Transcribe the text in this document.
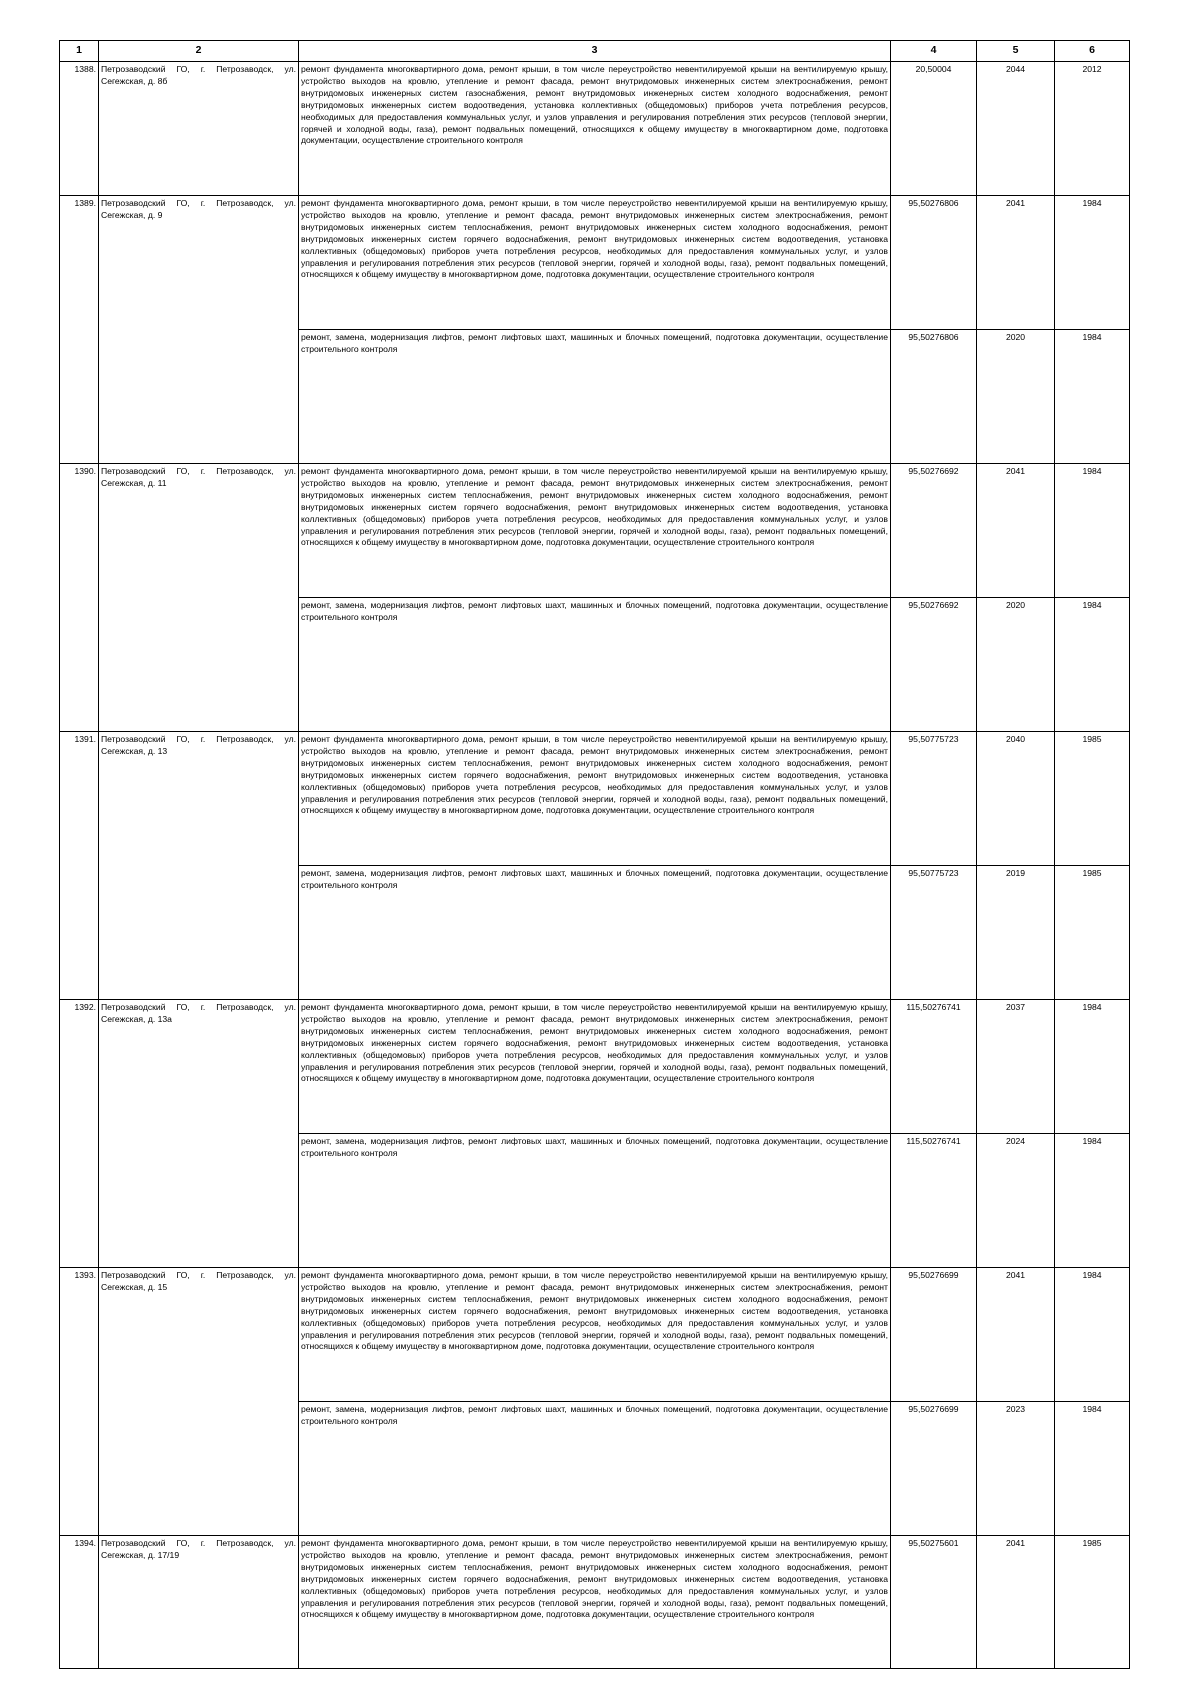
1	2	3	4	5	6
1388.	Петрозаводский ГО, г. Петрозаводск, ул. Сегежская, д. 8б	ремонт фундамента многоквартирного дома, ремонт крыши, в том числе переустройство невентилируемой крыши на вентилируемую крышу, устройство выходов на кровлю, утепление и ремонт фасада, ремонт внутридомовых инженерных систем электроснабжения, ремонт внутридомовых инженерных систем газоснабжения, ремонт внутридомовых инженерных систем холодного водоснабжения, ремонт внутридомовых инженерных систем водоотведения, установка коллективных (общедомовых) приборов учета потребления ресурсов, необходимых для предоставления коммунальных услуг, и узлов управления и регулирования потребления этих ресурсов (тепловой энергии, горячей и холодной воды, газа), ремонт подвальных помещений, относящихся к общему имуществу в многоквартирном доме, подготовка документации, осуществление строительного контроля	20,50004	2044	2012
1389.	Петрозаводский ГО, г. Петрозаводск, ул. Сегежская, д. 9	ремонт фундамента многоквартирного дома, ремонт крыши, в том числе переустройство невентилируемой крыши на вентилируемую крышу, устройство выходов на кровлю, утепление и ремонт фасада, ремонт внутридомовых инженерных систем электроснабжения, ремонт внутридомовых инженерных систем теплоснабжения, ремонт внутридомовых инженерных систем холодного водоснабжения, ремонт внутридомовых инженерных систем горячего водоснабжения, ремонт внутридомовых инженерных систем водоотведения, установка коллективных (общедомовых) приборов учета потребления ресурсов, необходимых для предоставления коммунальных услуг, и узлов управления и регулирования потребления этих ресурсов (тепловой энергии, горячей и холодной воды, газа), ремонт подвальных помещений, относящихся к общему имуществу в многоквартирном доме, подготовка документации, осуществление строительного контроля	95,50276806	2041	1984
		ремонт, замена, модернизация лифтов, ремонт лифтовых шахт, машинных и блочных помещений, подготовка документации, осуществление строительного контроля	95,50276806	2020	1984
1390.	Петрозаводский ГО, г. Петрозаводск, ул. Сегежская, д. 11	ремонт фундамента многоквартирного дома, ремонт крыши, в том числе переустройство невентилируемой крыши на вентилируемую крышу, устройство выходов на кровлю, утепление и ремонт фасада, ремонт внутридомовых инженерных систем электроснабжения, ремонт внутридомовых инженерных систем теплоснабжения, ремонт внутридомовых инженерных систем холодного водоснабжения, ремонт внутридомовых инженерных систем горячего водоснабжения, ремонт внутридомовых инженерных систем водоотведения, установка коллективных (общедомовых) приборов учета потребления ресурсов, необходимых для предоставления коммунальных услуг, и узлов управления и регулирования потребления этих ресурсов (тепловой энергии, горячей и холодной воды, газа), ремонт подвальных помещений, относящихся к общему имуществу в многоквартирном доме, подготовка документации, осуществление строительного контроля	95,50276692	2041	1984
		ремонт, замена, модернизация лифтов, ремонт лифтовых шахт, машинных и блочных помещений, подготовка документации, осуществление строительного контроля	95,50276692	2020	1984
1391.	Петрозаводский ГО, г. Петрозаводск, ул. Сегежская, д. 13	ремонт фундамента многоквартирного дома, ремонт крыши, в том числе переустройство невентилируемой крыши на вентилируемую крышу, устройство выходов на кровлю, утепление и ремонт фасада, ремонт внутридомовых инженерных систем электроснабжения, ремонт внутридомовых инженерных систем теплоснабжения, ремонт внутридомовых инженерных систем холодного водоснабжения, ремонт внутридомовых инженерных систем горячего водоснабжения, ремонт внутридомовых инженерных систем водоотведения, установка коллективных (общедомовых) приборов учета потребления ресурсов, необходимых для предоставления коммунальных услуг, и узлов управления и регулирования потребления этих ресурсов (тепловой энергии, горячей и холодной воды, газа), ремонт подвальных помещений, относящихся к общему имуществу в многоквартирном доме, подготовка документации, осуществление строительного контроля	95,50775723	2040	1985
		ремонт, замена, модернизация лифтов, ремонт лифтовых шахт, машинных и блочных помещений, подготовка документации, осуществление строительного контроля	95,50775723	2019	1985
1392.	Петрозаводский ГО, г. Петрозаводск, ул. Сегежская, д. 13а	ремонт фундамента многоквартирного дома, ремонт крыши, в том числе переустройство невентилируемой крыши на вентилируемую крышу, устройство выходов на кровлю, утепление и ремонт фасада, ремонт внутридомовых инженерных систем электроснабжения, ремонт внутридомовых инженерных систем теплоснабжения, ремонт внутридомовых инженерных систем холодного водоснабжения, ремонт внутридомовых инженерных систем горячего водоснабжения, ремонт внутридомовых инженерных систем водоотведения, установка коллективных (общедомовых) приборов учета потребления ресурсов, необходимых для предоставления коммунальных услуг, и узлов управления и регулирования потребления этих ресурсов (тепловой энергии, горячей и холодной воды, газа), ремонт подвальных помещений, относящихся к общему имуществу в многоквартирном доме, подготовка документации, осуществление строительного контроля	115,50276741	2037	1984
		ремонт, замена, модернизация лифтов, ремонт лифтовых шахт, машинных и блочных помещений, подготовка документации, осуществление строительного контроля	115,50276741	2024	1984
1393.	Петрозаводский ГО, г. Петрозаводск, ул. Сегежская, д. 15	ремонт фундамента многоквартирного дома, ремонт крыши, в том числе переустройство невентилируемой крыши на вентилируемую крышу, устройство выходов на кровлю, утепление и ремонт фасада, ремонт внутридомовых инженерных систем электроснабжения, ремонт внутридомовых инженерных систем теплоснабжения, ремонт внутридомовых инженерных систем холодного водоснабжения, ремонт внутридомовых инженерных систем горячего водоснабжения, ремонт внутридомовых инженерных систем водоотведения, установка коллективных (общедомовых) приборов учета потребления ресурсов, необходимых для предоставления коммунальных услуг, и узлов управления и регулирования потребления этих ресурсов (тепловой энергии, горячей и холодной воды, газа), ремонт подвальных помещений, относящихся к общему имуществу в многоквартирном доме, подготовка документации, осуществление строительного контроля	95,50276699	2041	1984
		ремонт, замена, модернизация лифтов, ремонт лифтовых шахт, машинных и блочных помещений, подготовка документации, осуществление строительного контроля	95,50276699	2023	1984
1394.	Петрозаводский ГО, г. Петрозаводск, ул. Сегежская, д. 17/19	ремонт фундамента многоквартирного дома, ремонт крыши, в том числе переустройство невентилируемой крыши на вентилируемую крышу, устройство выходов на кровлю, утепление и ремонт фасада, ремонт внутридомовых инженерных систем электроснабжения, ремонт внутридомовых инженерных систем теплоснабжения, ремонт внутридомовых инженерных систем холодного водоснабжения, ремонт внутридомовых инженерных систем горячего водоснабжения, ремонт внутридомовых инженерных систем водоотведения, установка коллективных (общедомовых) приборов учета потребления ресурсов, необходимых для предоставления коммунальных услуг, и узлов управления и регулирования потребления этих ресурсов (тепловой энергии, горячей и холодной воды, газа), ремонт подвальных помещений, относящихся к общему имуществу в многоквартирном доме, подготовка документации, осуществление строительного контроля	95,50275601	2041	1985
